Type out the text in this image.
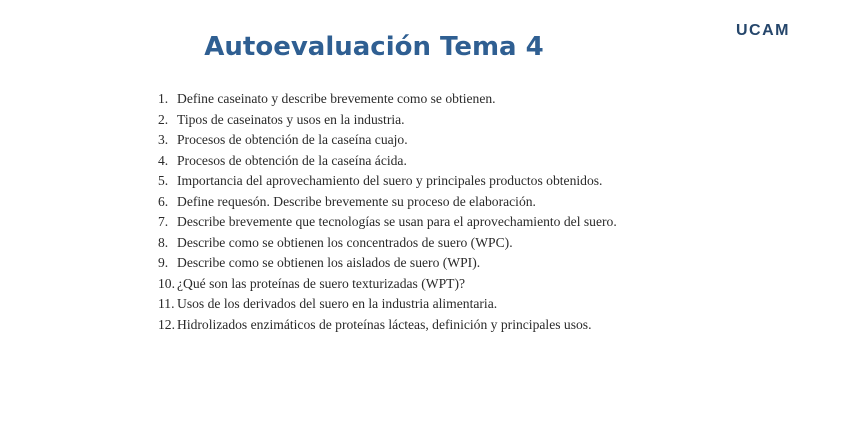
UCAM
Autoevaluación Tema 4
1. Define caseinato y describe brevemente como se obtienen.
2. Tipos de caseinatos y usos en la industria.
3. Procesos de obtención de la caseína cuajo.
4. Procesos de obtención de la caseína ácida.
5. Importancia del aprovechamiento del suero y principales productos obtenidos.
6. Define requesón. Describe brevemente su proceso de elaboración.
7. Describe brevemente que tecnologías se usan para el aprovechamiento del suero.
8. Describe como se obtienen los concentrados de suero (WPC).
9. Describe como se obtienen los aislados de suero (WPI).
10. ¿Qué son las proteínas de suero texturizadas (WPT)?
11. Usos de los derivados del suero en la industria alimentaria.
12. Hidrolizados enzimáticos de proteínas lácteas, definición y principales usos.
